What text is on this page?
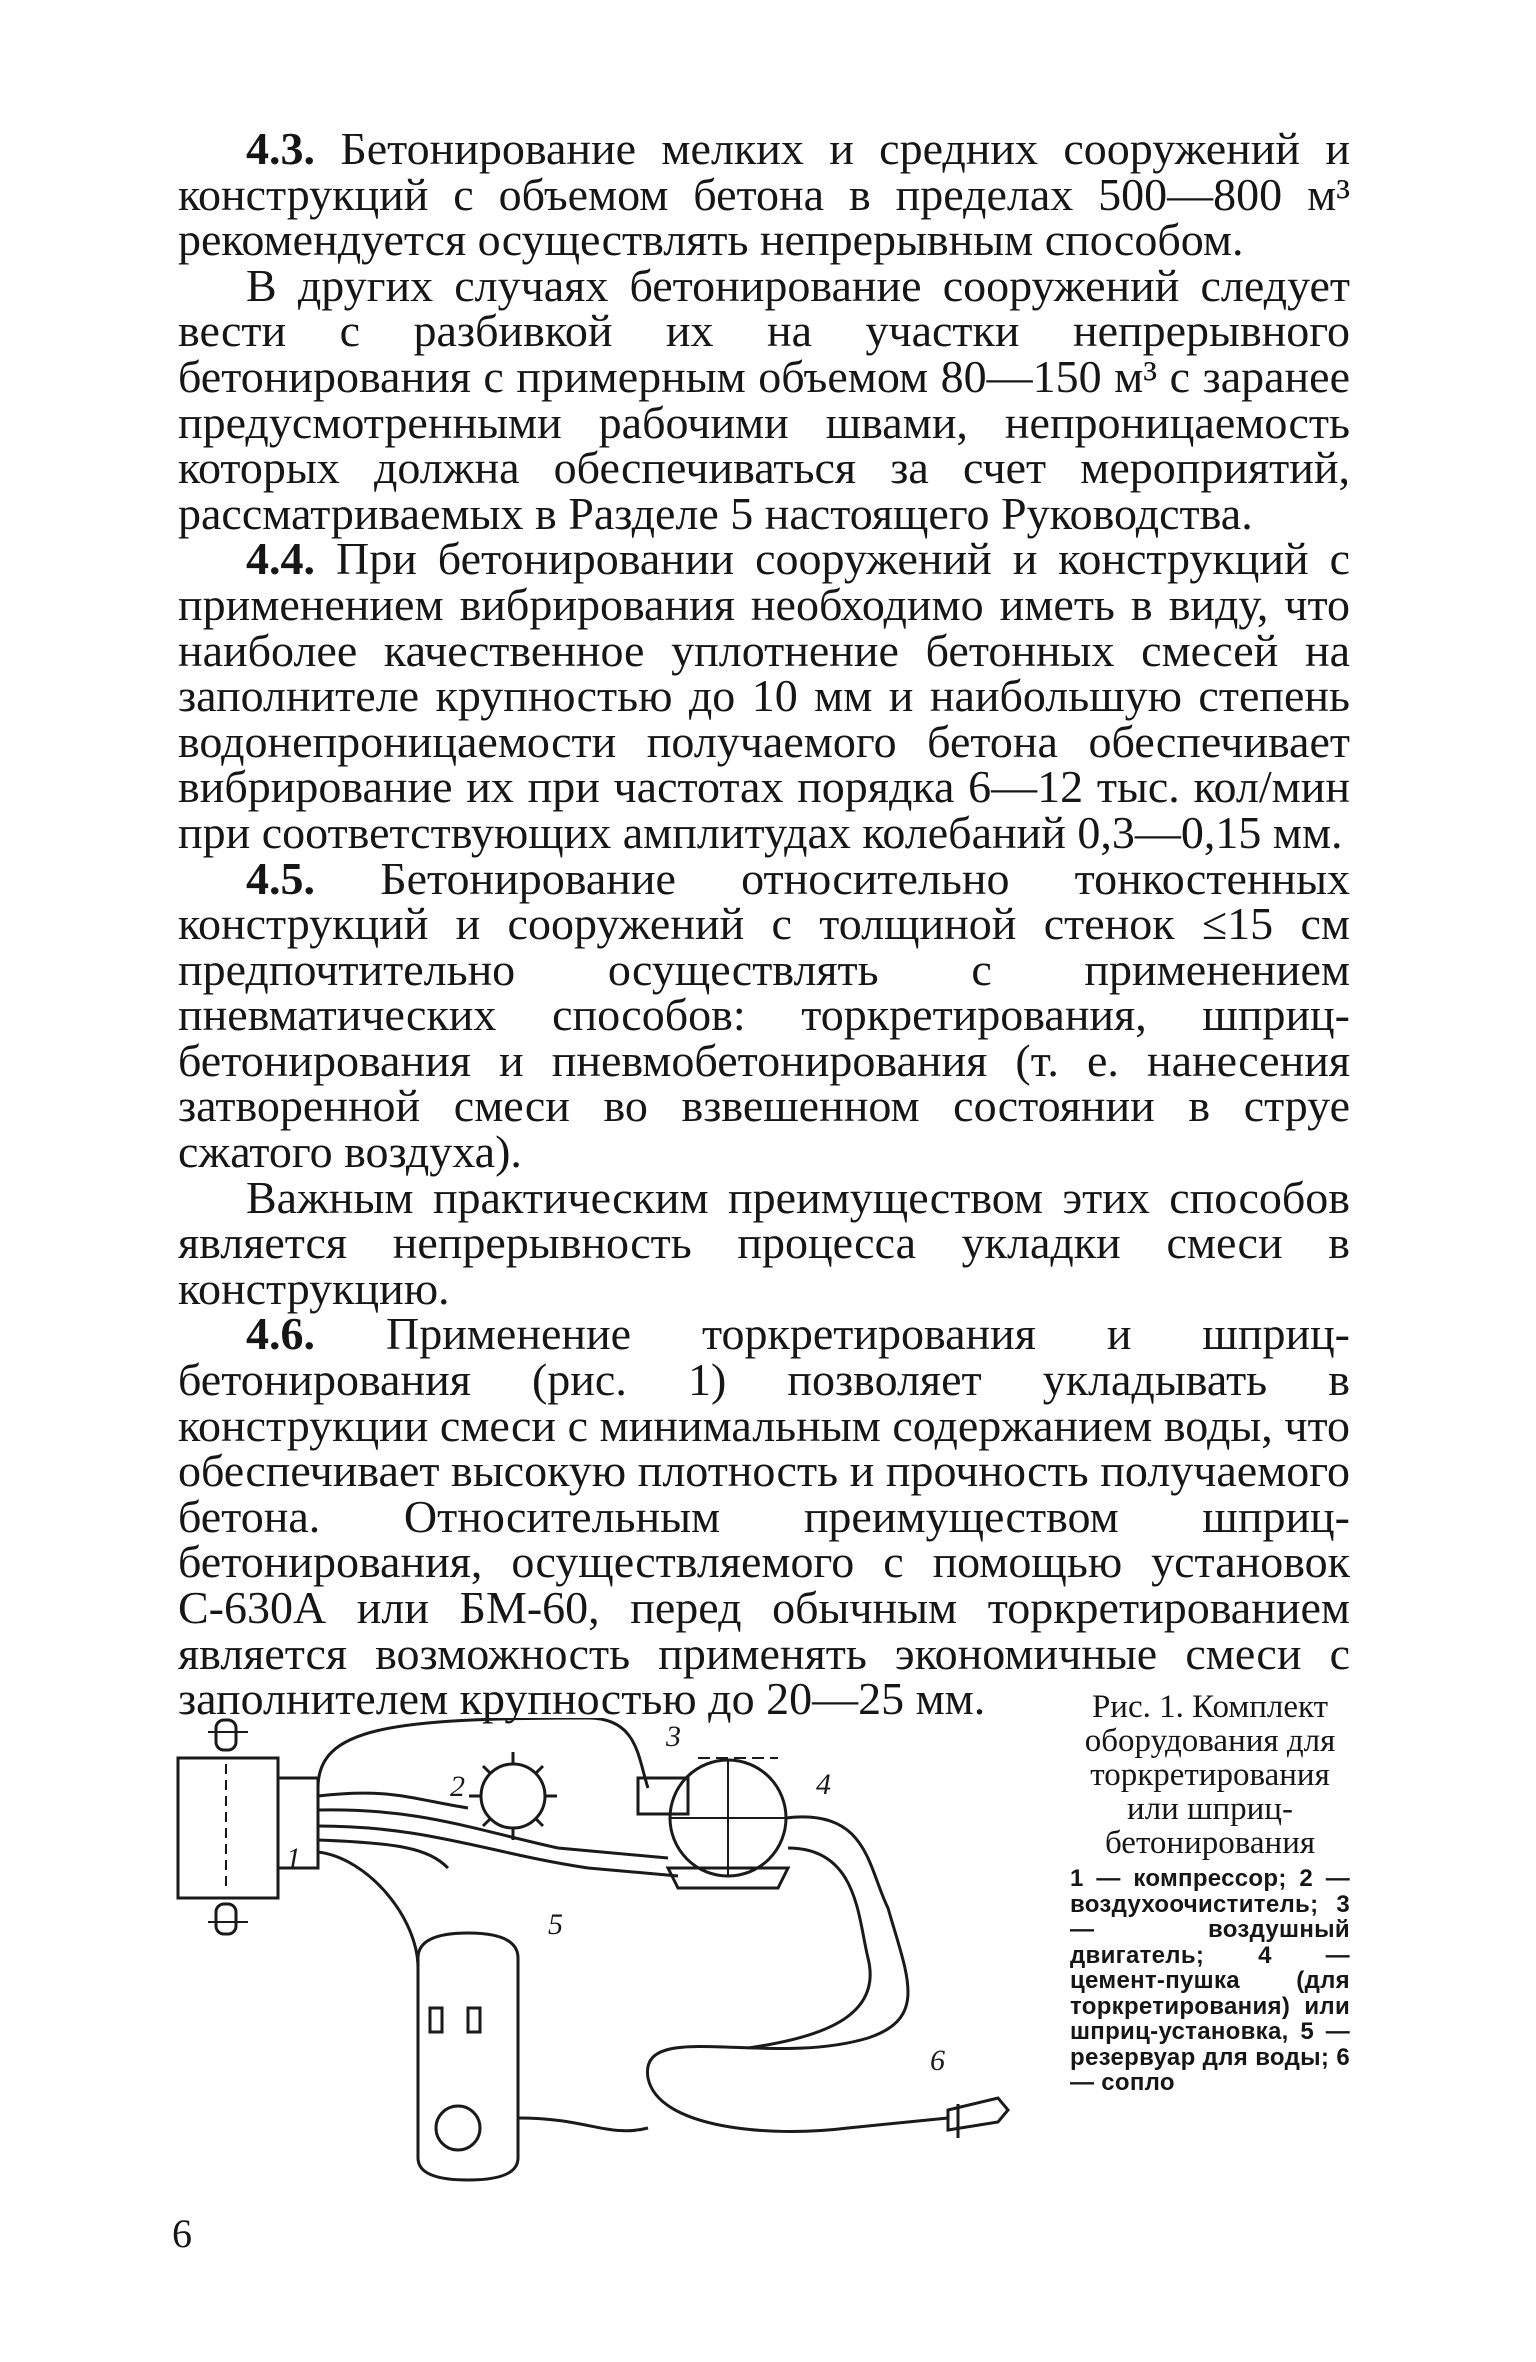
4.3. Бетонирование мелких и средних сооружений и конструкций с объемом бетона в пределах 500—800 м³ рекомендуется осуществлять непрерывным способом.

В других случаях бетонирование сооружений следует вести с разбивкой их на участки непрерывного бетонирования с примерным объемом 80—150 м³ с заранее предусмотренными рабочими швами, непроницаемость которых должна обеспечиваться за счет мероприятий, рассматриваемых в Разделе 5 настоящего Руководства.

4.4. При бетонировании сооружений и конструкций с применением вибрирования необходимо иметь в виду, что наиболее качественное уплотнение бетонных смесей на заполнителе крупностью до 10 мм и наибольшую степень водонепроницаемости получаемого бетона обеспечивает вибрирование их при частотах порядка 6—12 тыс. кол/мин при соответствующих амплитудах колебаний 0,3—0,15 мм.

4.5. Бетонирование относительно тонкостенных конструкций и сооружений с толщиной стенок ≤15 см предпочтительно осуществлять с применением пневматических способов: торкретирования, шприц-бетонирования и пневмобетонирования (т. е. нанесения затворенной смеси во взвешенном состоянии в струе сжатого воздуха).

Важным практическим преимуществом этих способов является непрерывность процесса укладки смеси в конструкцию.

4.6. Применение торкретирования и шприц-бетонирования (рис. 1) позволяет укладывать в конструкции смеси с минимальным содержанием воды, что обеспечивает высокую плотность и прочность получаемого бетона. Относительным преимуществом шприц-бетонирования, осуществляемого с помощью установок С-630А или БМ-60, перед обычным торкретированием является возможность применять экономичные смеси с заполнителем крупностью до 20—25 мм.

1
2
3
4
5
6

Рис. 1. Комплект оборудования для торкретирования или шприц-бетонирования

1 — компрессор; 2 — воздухоочиститель; 3 — воздушный двигатель; 4 — цемент-пушка (для торкретирования) или шприц-установка, 5 — резервуар для воды; 6 — сопло

6
